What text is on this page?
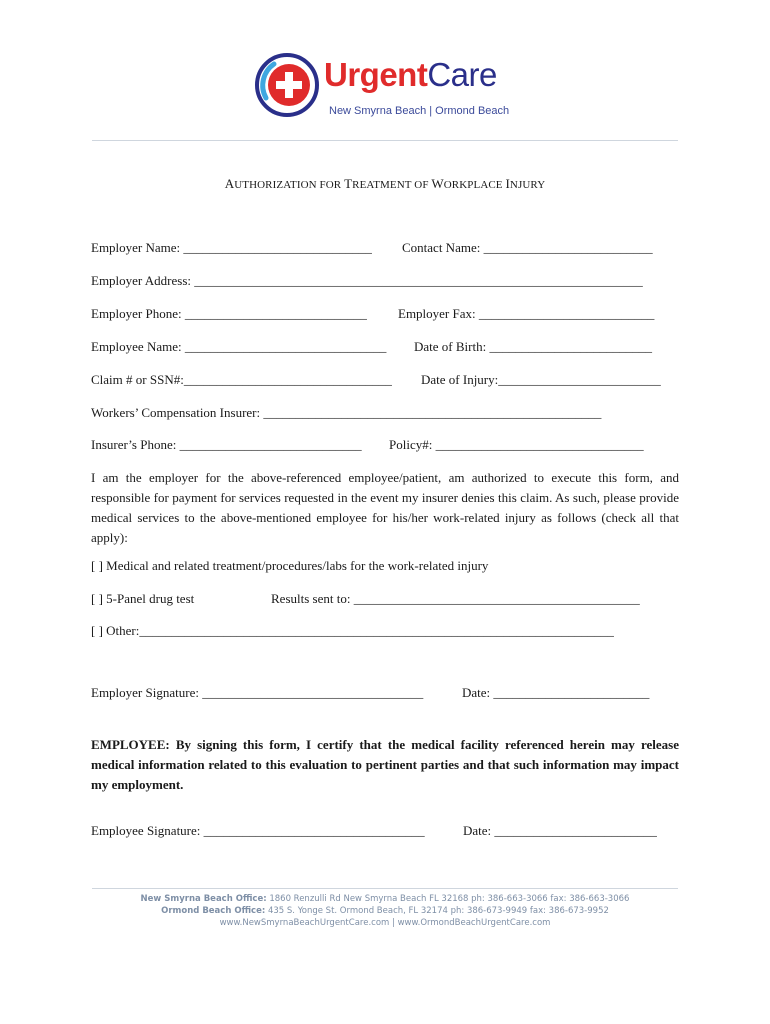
UrgentCare
New Smyrna Beach | Ormond Beach
AUTHORIZATION FOR TREATMENT OF WORKPLACE INJURY
Employer Name: _____________________________ Contact Name: __________________________
Employer Address: _____________________________________________________________________
Employer Phone: ____________________________ Employer Fax: ___________________________
Employee Name: _______________________________ Date of Birth: _________________________
Claim # or SSN#:________________________________ Date of Injury:_________________________
Workers’ Compensation Insurer: ____________________________________________________
Insurer’s Phone: ____________________________ Policy#: ________________________________
I am the employer for the above-referenced employee/patient, am authorized to execute this form, and responsible for payment for services requested in the event my insurer denies this claim. As such, please provide medical services to the above-mentioned employee for his/her work-related injury as follows (check all that apply):
[ ] Medical and related treatment/procedures/labs for the work-related injury
[ ] 5-Panel drug test	Results sent to: ____________________________________________
[ ] Other:_________________________________________________________________________
Employer Signature: __________________________________	Date: ________________________
EMPLOYEE: By signing this form, I certify that the medical facility referenced herein may release medical information related to this evaluation to pertinent parties and that such information may impact my employment.
Employee Signature: __________________________________	Date: _________________________
New Smyrna Beach Office: 1860 Renzulli Rd New Smyrna Beach FL 32168 ph: 386-663-3066 fax: 386-663-3066
Ormond Beach Office: 435 S. Yonge St. Ormond Beach, FL 32174 ph: 386-673-9949 fax: 386-673-9952
www.NewSmyrnaBeachUrgentCare.com | www.OrmondBeachUrgentCare.com
